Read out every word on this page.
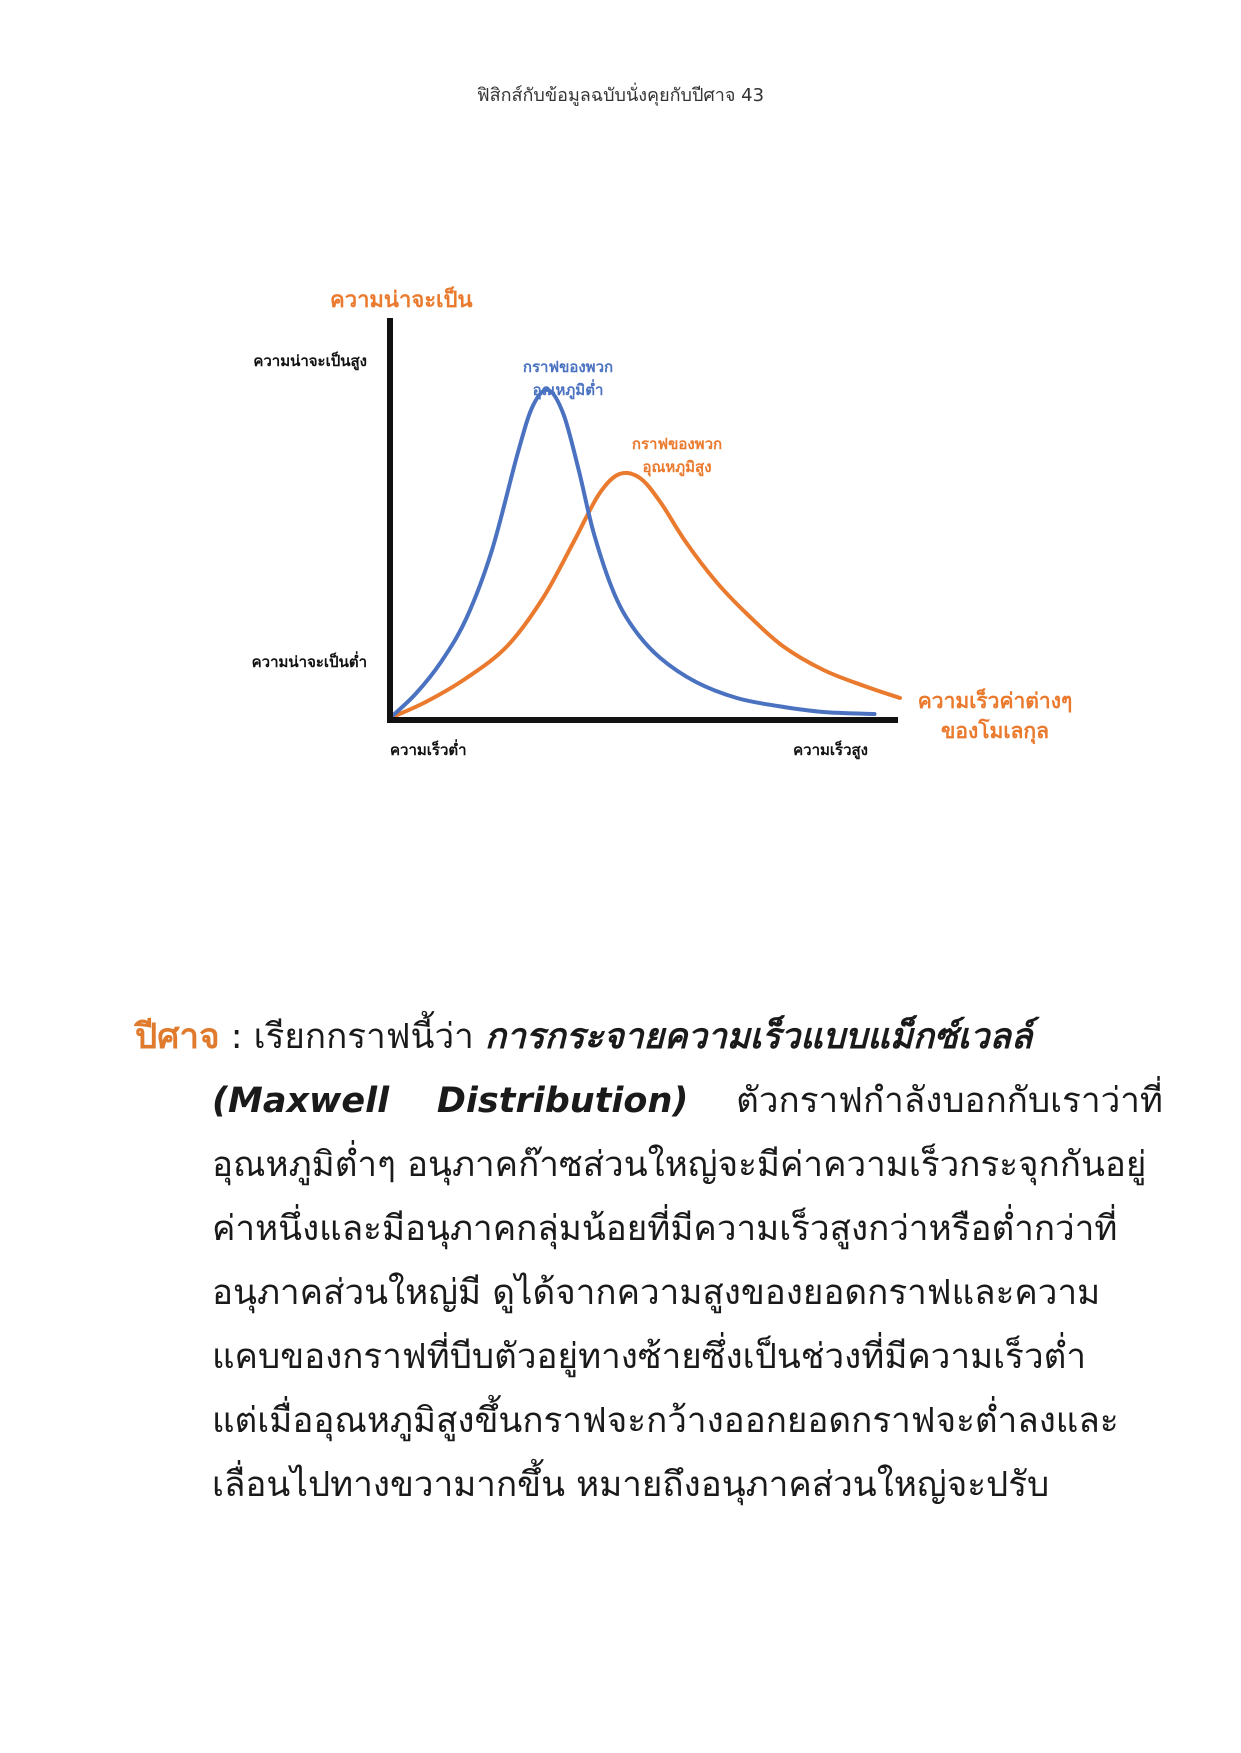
ฟิสิกส์กับข้อมูลฉบับนั่งคุยกับปีศาจ 43
ความน่าจะเป็น
ความน่าจะเป็นสูง
ความน่าจะเป็นต่ำ
ความเร็วต่ำ	ความเร็วสูง
ความเร็วค่าต่างๆ
ของโมเลกุล
กราฟของพวก
อุณหภูมิต่ำ
กราฟของพวก
อุณหภูมิสูง
ปีศาจ : เรียกกราฟนี้ว่า การกระจายความเร็วแบบแม็กซ์เวลล์
(Maxwell Distribution) ตัวกราฟกำลังบอกกับเราว่าที่
อุณหภูมิต่ำๆ อนุภาคก๊าซส่วนใหญ่จะมีค่าความเร็วกระจุกกันอยู่
ค่าหนึ่งและมีอนุภาคกลุ่มน้อยที่มีความเร็วสูงกว่าหรือต่ำกว่าที่
อนุภาคส่วนใหญ่มี ดูได้จากความสูงของยอดกราฟและความ
แคบของกราฟที่บีบตัวอยู่ทางซ้ายซึ่งเป็นช่วงที่มีความเร็วต่ำ
แต่เมื่ออุณหภูมิสูงขึ้นกราฟจะกว้างออกยอดกราฟจะต่ำลงและ
เลื่อนไปทางขวามากขึ้น หมายถึงอนุภาคส่วนใหญ่จะปรับ
